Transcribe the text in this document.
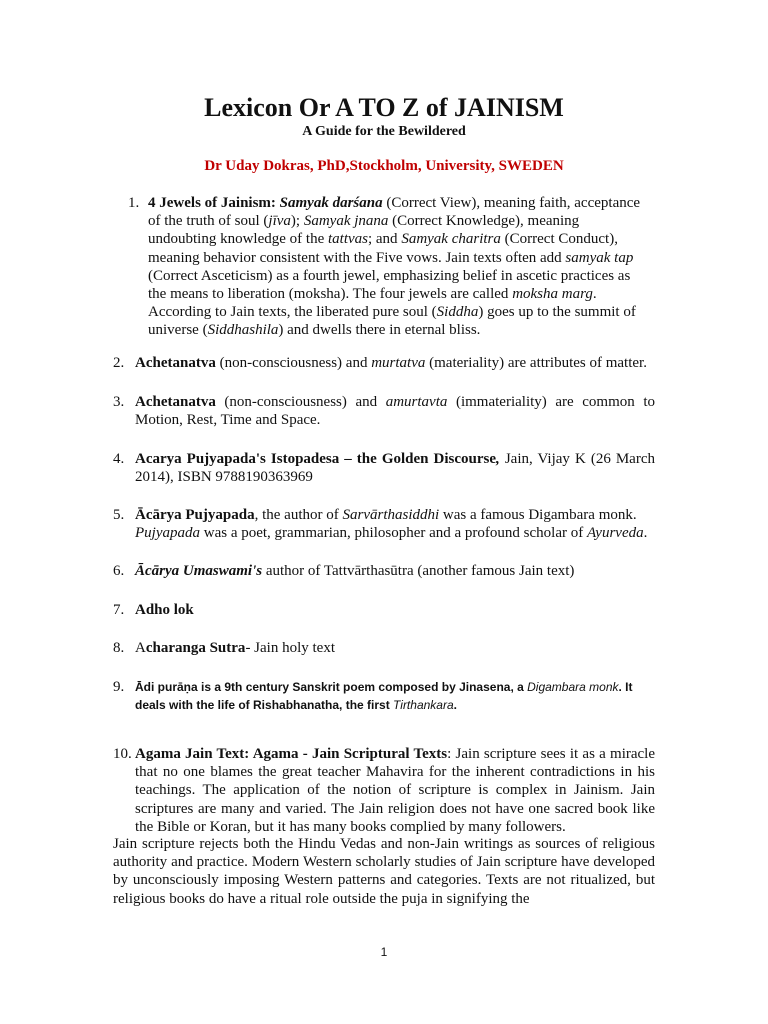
Lexicon Or A TO Z of JAINISM
A Guide for the Bewildered
Dr Uday Dokras, PhD,Stockholm, University, SWEDEN
1. 4 Jewels of Jainism: Samyak darśana (Correct View), meaning faith, acceptance of the truth of soul (jīva); Samyak jnana (Correct Knowledge), meaning undoubting knowledge of the tattvas; and Samyak charitra (Correct Conduct), meaning behavior consistent with the Five vows. Jain texts often add samyak tap (Correct Asceticism) as a fourth jewel, emphasizing belief in ascetic practices as the means to liberation (moksha). The four jewels are called moksha marg. According to Jain texts, the liberated pure soul (Siddha) goes up to the summit of universe (Siddhashila) and dwells there in eternal bliss.
2. Achetanatva (non-consciousness) and murtatva (materiality) are attributes of matter.
3. Achetanatva (non-consciousness) and amurtavta (immateriality) are common to Motion, Rest, Time and Space.
4. Acarya Pujyapada's Istopadesa – the Golden Discourse, Jain, Vijay K (26 March 2014), ISBN 9788190363969
5. Ācārya Pujyapada, the author of Sarvārthasiddhi was a famous Digambara monk. Pujyapada was a poet, grammarian, philosopher and a profound scholar of Ayurveda.
6. Ācārya Umaswami's author of Tattvārthasūtra (another famous Jain text)
7. Adho lok
8. Acharanga Sutra- Jain holy text
9. Ādi purāṇa is a 9th century Sanskrit poem composed by Jinasena, a Digambara monk. It deals with the life of Rishabhanatha, the first Tirthankara.
10. Agama Jain Text: Agama - Jain Scriptural Texts: Jain scripture sees it as a miracle that no one blames the great teacher Mahavira for the inherent contradictions in his teachings. The application of the notion of scripture is complex in Jainism. Jain scriptures are many and varied. The Jain religion does not have one sacred book like the Bible or Koran, but it has many books complied by many followers.
Jain scripture rejects both the Hindu Vedas and non-Jain writings as sources of religious authority and practice. Modern Western scholarly studies of Jain scripture have developed by unconsciously imposing Western patterns and categories. Texts are not ritualized, but religious books do have a ritual role outside the puja in signifying the
1
